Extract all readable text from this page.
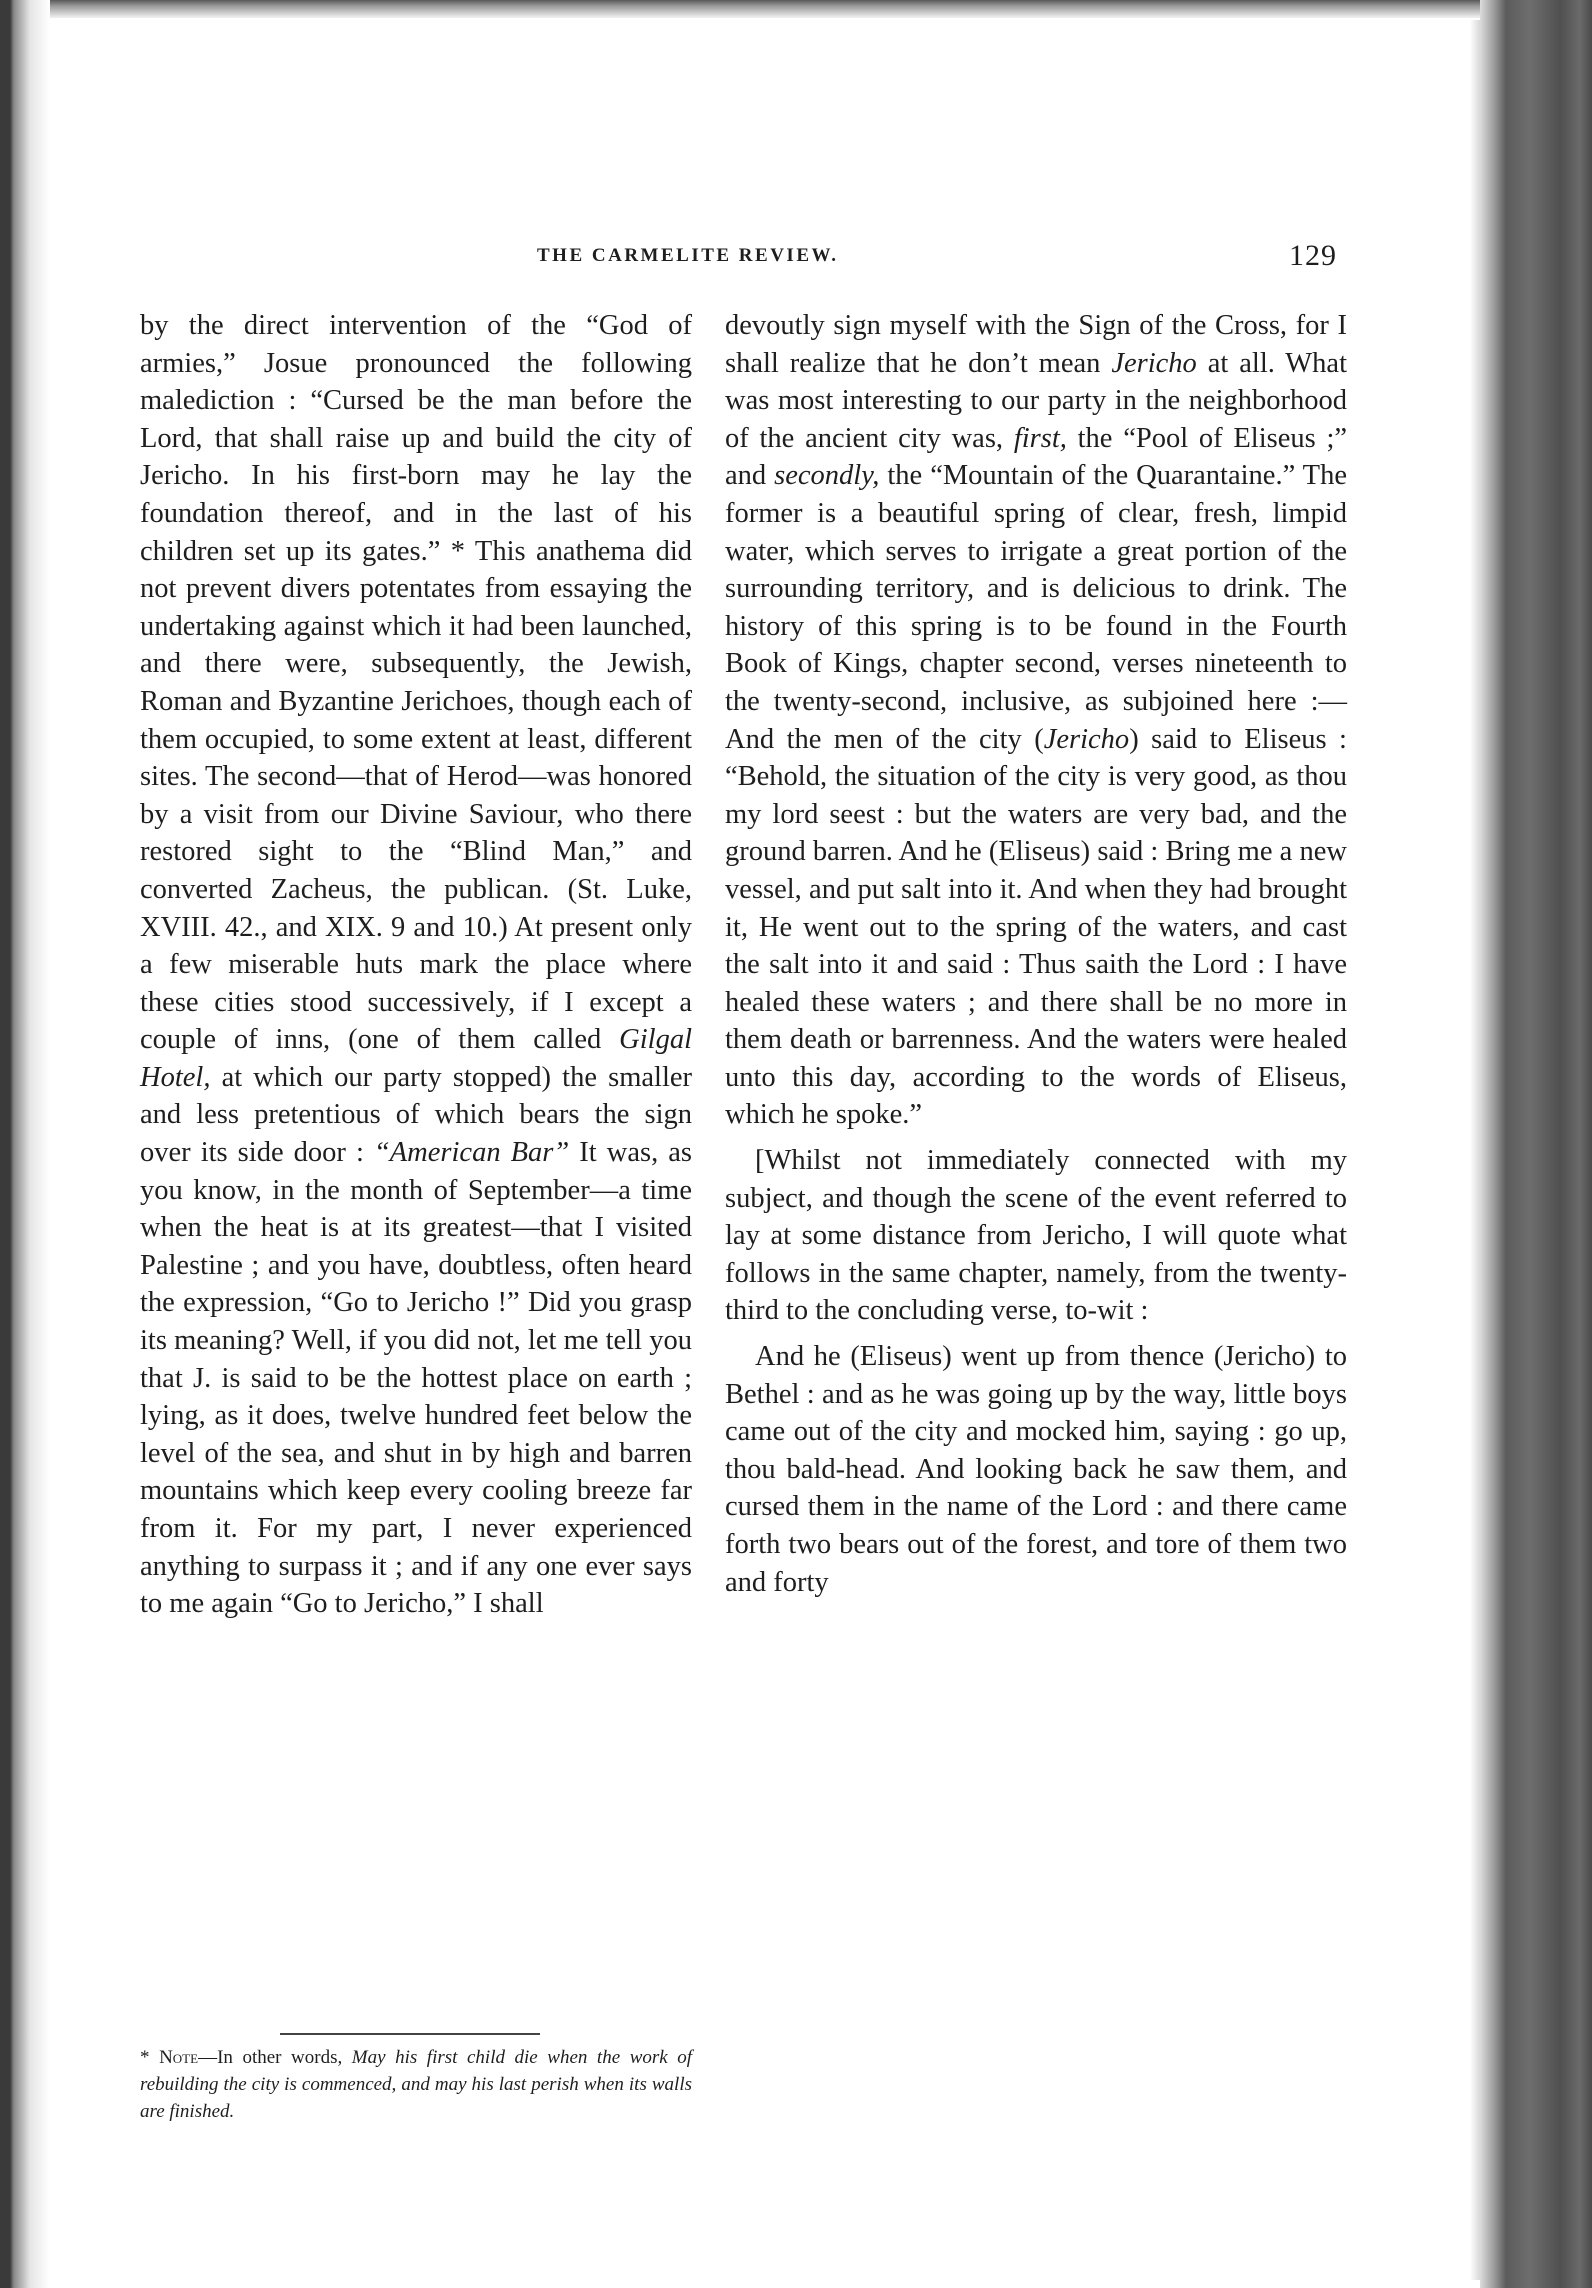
THE CARMELITE REVIEW.	129

by the direct intervention of the “God of armies,” Josue pronounced the following malediction : “Cursed be the man before the Lord, that shall raise up and build the city of Jericho. In his first-born may he lay the foundation thereof, and in the last of his children set up its gates.” * This anathema did not prevent divers potentates from essaying the undertaking against which it had been launched, and there were, subsequently, the Jewish, Roman and Byzantine Jerichoes, though each of them occupied, to some extent at least, different sites. The second—that of Herod—was honored by a visit from our Divine Saviour, who there restored sight to the “Blind Man,” and converted Zacheus, the publican. (St. Luke, XVIII. 42., and XIX. 9 and 10.) At present only a few miserable huts mark the place where these cities stood successively, if I except a couple of inns, (one of them called Gilgal Hotel, at which our party stopped) the smaller and less pretentious of which bears the sign over its side door : “American Bar” It was, as you know, in the month of September—a time when the heat is at its greatest—that I visited Palestine ; and you have, doubtless, often heard the expression, “Go to Jericho !” Did you grasp its meaning? Well, if you did not, let me tell you that J. is said to be the hottest place on earth ; lying, as it does, twelve hundred feet below the level of the sea, and shut in by high and barren mountains which keep every cooling breeze far from it. For my part, I never experienced anything to surpass it ; and if any one ever says to me again “Go to Jericho,” I shall

* Note—In other words, May his first child die when the work of rebuilding the city is commenced, and may his last perish when its walls are finished.

devoutly sign myself with the Sign of the Cross, for I shall realize that he don’t mean Jericho at all. What was most interesting to our party in the neighborhood of the ancient city was, first, the “Pool of Eliseus ;” and secondly, the “Mountain of the Quarantaine.” The former is a beautiful spring of clear, fresh, limpid water, which serves to irrigate a great portion of the surrounding territory, and is delicious to drink. The history of this spring is to be found in the Fourth Book of Kings, chapter second, verses nineteenth to the twenty-second, inclusive, as subjoined here :—And the men of the city (Jericho) said to Eliseus : “Behold, the situation of the city is very good, as thou my lord seest : but the waters are very bad, and the ground barren. And he (Eliseus) said : Bring me a new vessel, and put salt into it. And when they had brought it, He went out to the spring of the waters, and cast the salt into it and said : Thus saith the Lord : I have healed these waters ; and there shall be no more in them death or barrenness. And the waters were healed unto this day, according to the words of Eliseus, which he spoke.”

[Whilst not immediately connected with my subject, and though the scene of the event referred to lay at some distance from Jericho, I will quote what follows in the same chapter, namely, from the twenty-third to the concluding verse, to-wit :

And he (Eliseus) went up from thence (Jericho) to Bethel : and as he was going up by the way, little boys came out of the city and mocked him, saying : go up, thou bald-head. And looking back he saw them, and cursed them in the name of the Lord : and there came forth two bears out of the forest, and tore of them two and forty
